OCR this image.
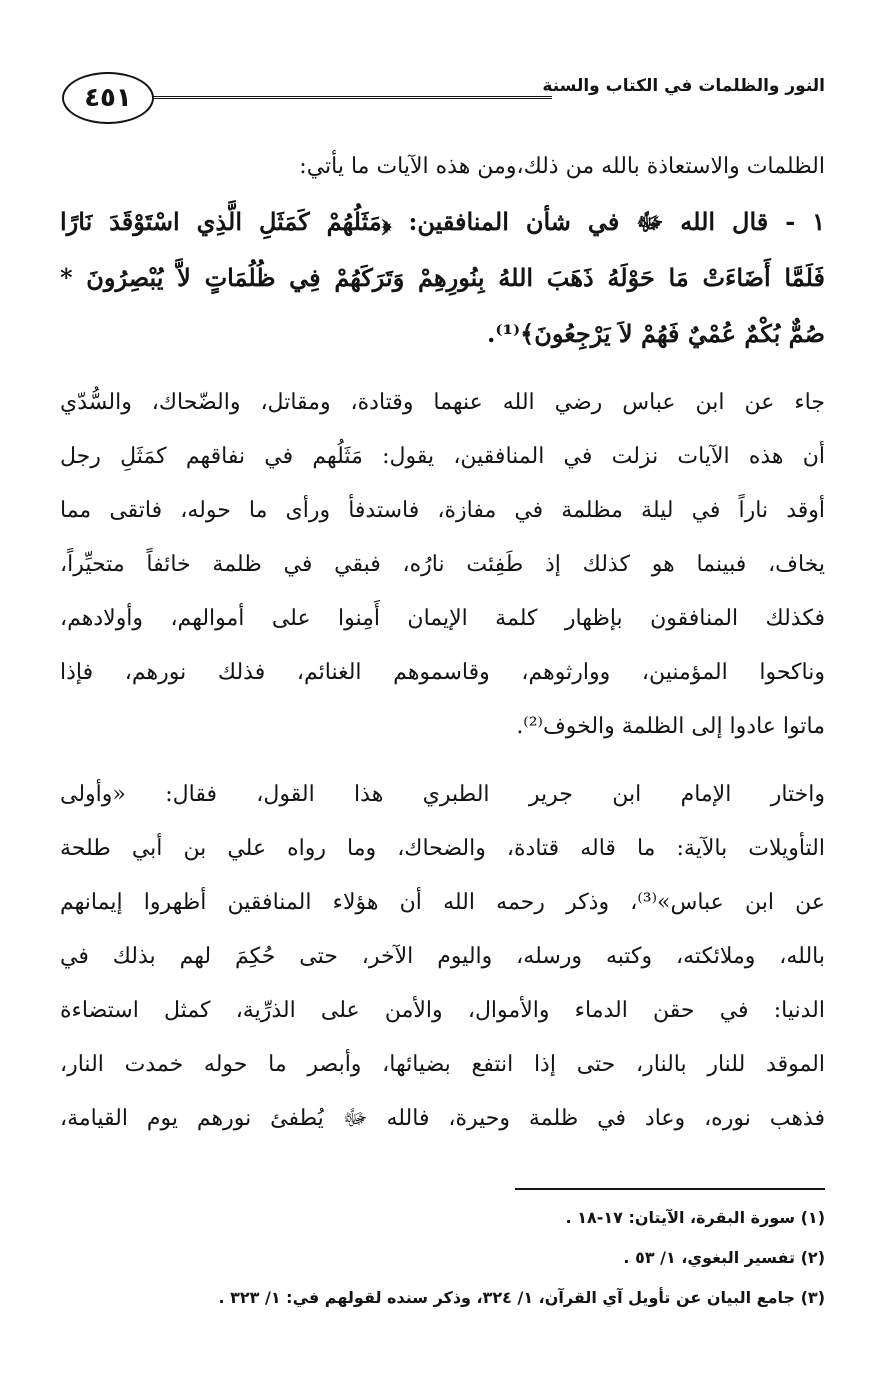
٤٥١	النور والظلمات في الكتاب والسنة
الظلمات والاستعاذة بالله من ذلك،ومن هذه الآيات ما يأتي:
١ - قال الله ﷻ في شأن المنافقين: ﴿مَثَلُهُمْ كَمَثَلِ الَّذِي اسْتَوْقَدَ نَارًا
فَلَمَّا أَضَاءَتْ مَا حَوْلَهُ ذَهَبَ اللهُ بِنُورِهِمْ وَتَرَكَهُمْ فِي ظُلُمَاتٍ لاَّ يُبْصِرُونَ *
صُمٌّ بُكْمٌ عُمْيٌ فَهُمْ لاَ يَرْجِعُونَ﴾⁽¹⁾.
جاء عن ابن عباس رضي الله عنهما وقتادة، ومقاتل، والضّحاك، والسُّدّي
أن هذه الآيات نزلت في المنافقين، يقول: مَثَلُهم في نفاقهم كمَثَلِ رجل
أوقد ناراً في ليلة مظلمة في مفازة، فاستدفأ ورأى ما حوله، فاتقى مما
يخاف، فبينما هو كذلك إذ طَفِئت نارُه، فبقي في ظلمة خائفاً متحيِّراً،
فكذلك المنافقون بإظهار كلمة الإيمان أَمِنوا على أموالهم، وأولادهم،
وناكحوا المؤمنين، ووارثوهم، وقاسموهم الغنائم، فذلك نورهم، فإذا
ماتوا عادوا إلى الظلمة والخوف⁽²⁾.
واختار الإمام ابن جرير الطبري هذا القول، فقال: «وأولى
التأويلات بالآية: ما قاله قتادة، والضحاك، وما رواه علي بن أبي طلحة
عن ابن عباس»⁽³⁾، وذكر رحمه الله أن هؤلاء المنافقين أظهروا إيمانهم
بالله، وملائكته، وكتبه ورسله، واليوم الآخر، حتى حُكِمَ لهم بذلك في
الدنيا: في حقن الدماء والأموال، والأمن على الذرِّية، كمثل استضاءة
الموقد للنار بالنار، حتى إذا انتفع بضيائها، وأبصر ما حوله خمدت النار،
فذهب نوره، وعاد في ظلمة وحيرة، فالله ﷻ يُطفئ نورهم يوم القيامة،
(١) سورة البقرة، الآيتان: ١٧-١٨ .
(٢) تفسير البغوي، ١/ ٥٣ .
(٣) جامع البيان عن تأويل آي القرآن، ١/ ٣٢٤، وذكر سنده لقولهم في: ١/ ٣٢٣ .
